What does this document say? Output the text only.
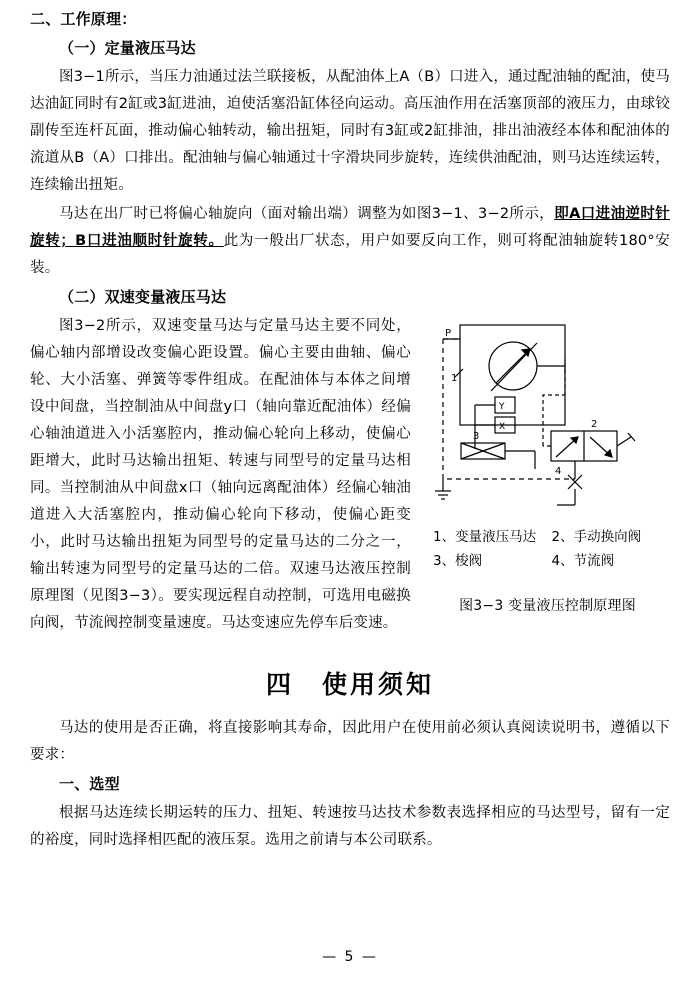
二、工作原理：

（一）定量液压马达

图3−1所示，当压力油通过法兰联接板，从配油体上A（B）口进入，通过配油轴的配油，使马达油缸同时有2缸或3缸进油，迫使活塞沿缸体径向运动。高压油作用在活塞顶部的液压力，由球铰副传至连杆瓦面，推动偏心轴转动，输出扭矩，同时有3缸或2缸排油，排出油液经本体和配油体的流道从B（A）口排出。配油轴与偏心轴通过十字滑块同步旋转，连续供油配油，则马达连续运转，连续输出扭矩。

马达在出厂时已将偏心轴旋向（面对输出端）调整为如图3−1、3−2所示，即A口进油逆时针旋转；B口进油顺时针旋转。此为一般出厂状态，用户如要反向工作，则可将配油轴旋转180°安装。

（二）双速变量液压马达

P
Y
X
1
3
2
4
1、变量液压马达	2、手动换向阀
3、梭阀	4、节流阀
图3−3 变量液压控制原理图

图3−2所示，双速变量马达与定量马达主要不同处，偏心轴内部增设改变偏心距设置。偏心主要由曲轴、偏心轮、大小活塞、弹簧等零件组成。在配油体与本体之间增设中间盘，当控制油从中间盘y口（轴向靠近配油体）经偏心轴油道进入小活塞腔内，推动偏心轮向上移动，使偏心距增大，此时马达输出扭矩、转速与同型号的定量马达相同。当控制油从中间盘x口（轴向远离配油体）经偏心轴油道进入大活塞腔内，推动偏心轮向下移动，使偏心距变小，此时马达输出扭矩为同型号的定量马达的二分之一，输出转速为同型号的定量马达的二倍。双速马达液压控制原理图（见图3−3）。要实现远程自动控制，可选用电磁换向阀，节流阀控制变量速度。马达变速应先停车后变速。

四　使用须知

马达的使用是否正确，将直接影响其寿命，因此用户在使用前必须认真阅读说明书，遵循以下要求：

一、选型

根据马达连续长期运转的压力、扭矩、转速按马达技术参数表选择相应的马达型号，留有一定的裕度，同时选择相匹配的液压泵。选用之前请与本公司联系。

— 5 —
